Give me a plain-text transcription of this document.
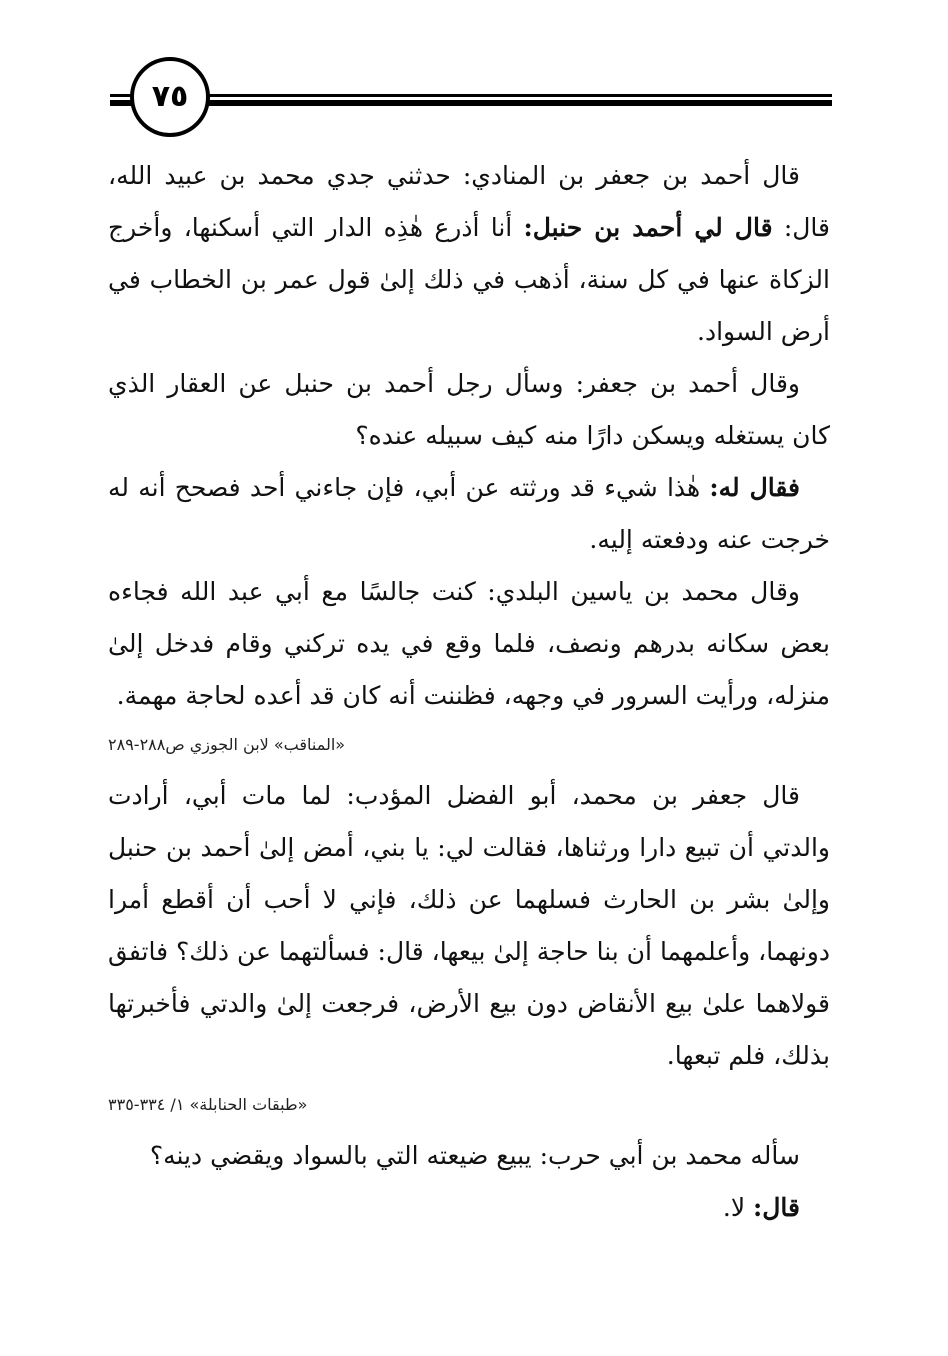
٧٥

قال أحمد بن جعفر بن المنادي: حدثني جدي محمد بن عبيد الله، قال: قال لي أحمد بن حنبل: أنا أذرع هٰذِه الدار التي أسكنها، وأخرج الزكاة عنها في كل سنة، أذهب في ذلك إلىٰ قول عمر بن الخطاب في أرض السواد.

وقال أحمد بن جعفر: وسأل رجل أحمد بن حنبل عن العقار الذي كان يستغله ويسكن دارًا منه كيف سبيله عنده؟

فقال له: هٰذا شيء قد ورثته عن أبي، فإن جاءني أحد فصحح أنه له خرجت عنه ودفعته إليه.

وقال محمد بن ياسين البلدي: كنت جالسًا مع أبي عبد الله فجاءه بعض سكانه بدرهم ونصف، فلما وقع في يده تركني وقام فدخل إلىٰ منزله، ورأيت السرور في وجهه، فظننت أنه كان قد أعده لحاجة مهمة.

«المناقب» لابن الجوزي ص٢٨٨-٢٨٩

قال جعفر بن محمد، أبو الفضل المؤدب: لما مات أبي، أرادت والدتي أن تبيع دارا ورثناها، فقالت لي: يا بني، أمض إلىٰ أحمد بن حنبل وإلىٰ بشر بن الحارث فسلهما عن ذلك، فإني لا أحب أن أقطع أمرا دونهما، وأعلمهما أن بنا حاجة إلىٰ بيعها، قال: فسألتهما عن ذلك؟ فاتفق قولاهما علىٰ بيع الأنقاض دون بيع الأرض، فرجعت إلىٰ والدتي فأخبرتها بذلك، فلم تبعها.

«طبقات الحنابلة» ١/ ٣٣٤-٣٣٥

سأله محمد بن أبي حرب: يبيع ضيعته التي بالسواد ويقضي دينه؟

قال: لا.
